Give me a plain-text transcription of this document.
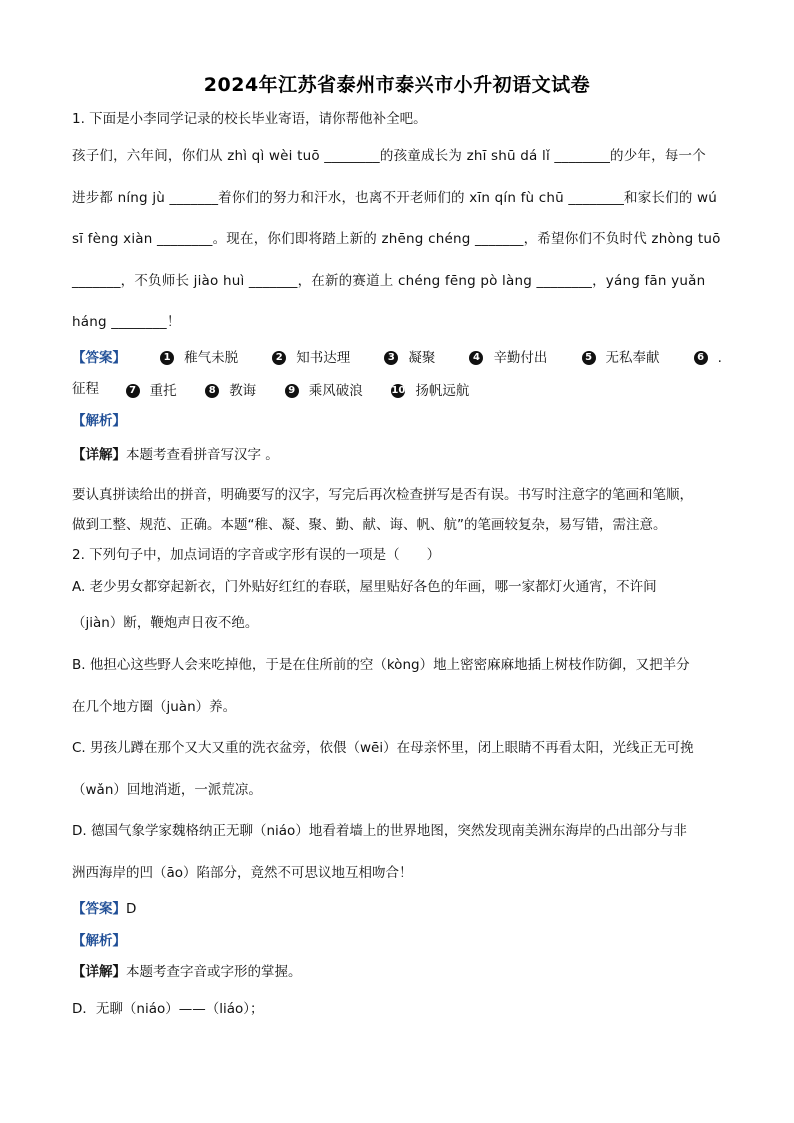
2024年江苏省泰州市泰兴市小升初语文试卷
1. 下面是小李同学记录的校长毕业寄语，请你帮他补全吧。
孩子们，六年间，你们从 zhì qì wèi tuō ________的孩童成长为 zhī shū dá lǐ ________的少年，每一个
进步都 níng jù _______着你们的努力和汗水，也离不开老师们的 xīn qín fù chū ________和家长们的 wú
sī fèng xiàn ________。现在，你们即将踏上新的 zhēng chéng _______，希望你们不负时代 zhòng tuō
_______，不负师长 jiào huì _______，在新的赛道上 chéng fēng pò làng ________，yáng fān yuǎn
háng ________！
【答案】	1 稚气未脱	2 知书达理	3 凝聚	4 辛勤付出	5 无私奉献	6 .
征程	7 重托
	8 教诲
	9 乘风破浪
	10 扬帆远航
【解析】
【详解】本题考查看拼音写汉字 。
要认真拼读给出的拼音，明确要写的汉字，写完后再次检查拼写是否有误。书写时注意字的笔画和笔顺，
做到工整、规范、正确。本题“稚、凝、聚、勤、献、诲、帆、航”的笔画较复杂，易写错，需注意。
2. 下列句子中，加点词语的字音或字形有误的一项是（　　）
A. 老少男女都穿起新衣，门外贴好红红的春联，屋里贴好各色的年画，哪一家都灯火通宵，不许间
（jiàn）断，鞭炮声日夜不绝。
B. 他担心这些野人会来吃掉他，于是在住所前的空（kòng）地上密密麻麻地插上树枝作防御，又把羊分
在几个地方圈（juàn）养。
C. 男孩儿蹲在那个又大又重的洗衣盆旁，依偎（wēi）在母亲怀里，闭上眼睛不再看太阳，光线正无可挽
（wǎn）回地消逝，一派荒凉。
D. 德国气象学家魏格纳正无聊（niáo）地看着墙上的世界地图，突然发现南美洲东海岸的凸出部分与非
洲西海岸的凹（āo）陷部分，竟然不可思议地互相吻合！
【答案】D
【解析】
【详解】本题考查字音或字形的掌握。
D．无聊（niáo）——（liáo）；
